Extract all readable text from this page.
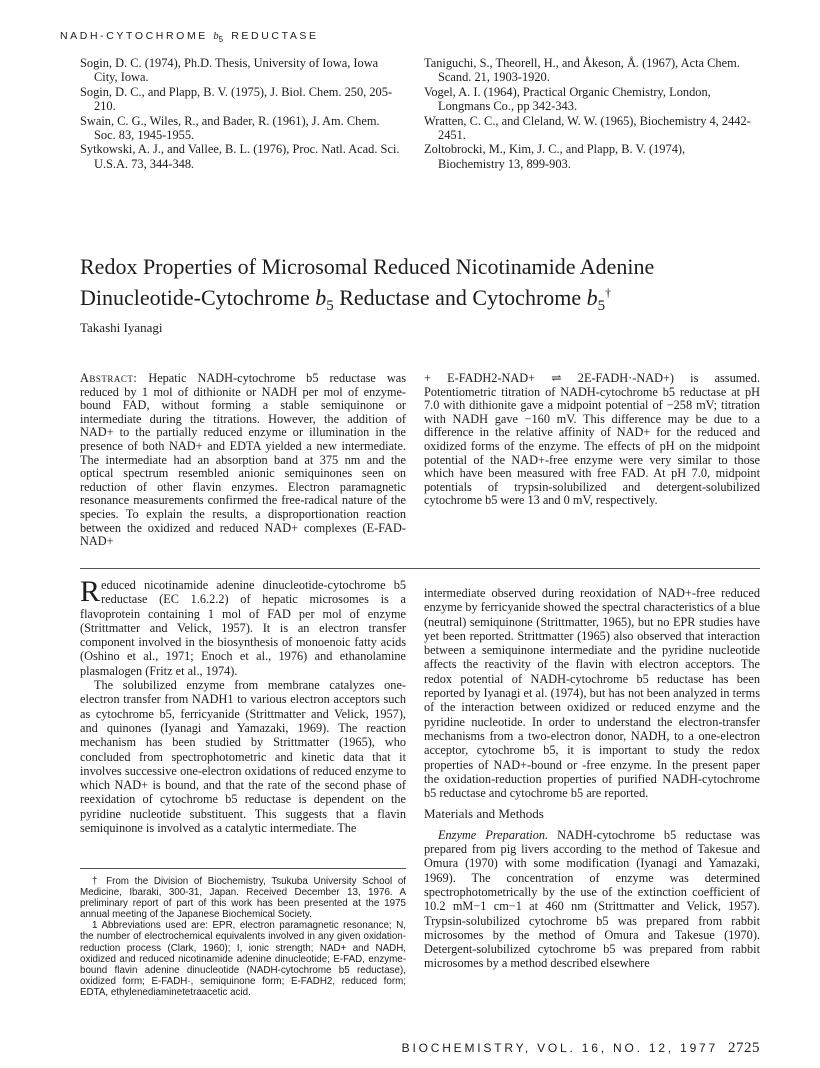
NADH-CYTOCHROME $b_5$ REDUCTASE

Sogin, D. C. (1974), Ph.D. Thesis, University of Iowa, Iowa City, Iowa.

Sogin, D. C., and Plapp, B. V. (1975), J. Biol. Chem. 250, 205-210.

Swain, C. G., Wiles, R., and Bader, R. (1961), J. Am. Chem. Soc. 83, 1945-1955.

Sytkowski, A. J., and Vallee, B. L. (1976), Proc. Natl. Acad. Sci. U.S.A. 73, 344-348.

Taniguchi, S., Theorell, H., and Åkeson, Å. (1967), Acta Chem. Scand. 21, 1903-1920.

Vogel, A. I. (1964), Practical Organic Chemistry, London, Longmans Co., pp 342-343.

Wratten, C. C., and Cleland, W. W. (1965), Biochemistry 4, 2442-2451.

Zoltobrocki, M., Kim, J. C., and Plapp, B. V. (1974), Biochemistry 13, 899-903.

Redox Properties of Microsomal Reduced Nicotinamide Adenine
Dinucleotide-Cytochrome $b_5$ Reductase and Cytochrome $b_5^\dagger$
Takashi Iyanagi

Abstract: Hepatic NADH-cytochrome b5 reductase was reduced by 1 mol of dithionite or NADH per mol of enzyme-bound FAD, without forming a stable semiquinone or intermediate during the titrations. However, the addition of NAD+ to the partially reduced enzyme or illumination in the presence of both NAD+ and EDTA yielded a new intermediate. The intermediate had an absorption band at 375 nm and the optical spectrum resembled anionic semiquinones seen on reduction of other flavin enzymes. Electron paramagnetic resonance measurements confirmed the free-radical nature of the species. To explain the results, a disproportionation reaction between the oxidized and reduced NAD+ complexes (E-FAD-NAD+

+ E-FADH2-NAD+ ⇌ 2E-FADH·-NAD+) is assumed. Potentiometric titration of NADH-cytochrome b5 reductase at pH 7.0 with dithionite gave a midpoint potential of −258 mV; titration with NADH gave −160 mV. This difference may be due to a difference in the relative affinity of NAD+ for the reduced and oxidized forms of the enzyme. The effects of pH on the midpoint potential of the NAD+-free enzyme were very similar to those which have been measured with free FAD. At pH 7.0, midpoint potentials of trypsin-solubilized and detergent-solubilized cytochrome b5 were 13 and 0 mV, respectively.

Reduced nicotinamide adenine dinucleotide-cytochrome b5 reductase (EC 1.6.2.2) of hepatic microsomes is a flavoprotein containing 1 mol of FAD per mol of enzyme (Strittmatter and Velick, 1957). It is an electron transfer component involved in the biosynthesis of monoenoic fatty acids (Oshino et al., 1971; Enoch et al., 1976) and ethanolamine plasmalogen (Fritz et al., 1974).

The solubilized enzyme from membrane catalyzes one-electron transfer from NADH1 to various electron acceptors such as cytochrome b5, ferricyanide (Strittmatter and Velick, 1957), and quinones (Iyanagi and Yamazaki, 1969). The reaction mechanism has been studied by Strittmatter (1965), who concluded from spectrophotometric and kinetic data that it involves successive one-electron oxidations of reduced enzyme to which NAD+ is bound, and that the rate of the second phase of reexidation of cytochrome b5 reductase is dependent on the pyridine nucleotide substituent. This suggests that a flavin semiquinone is involved as a catalytic intermediate. The

† From the Division of Biochemistry, Tsukuba University School of Medicine, Ibaraki, 300-31, Japan. Received December 13, 1976. A preliminary report of part of this work has been presented at the 1975 annual meeting of the Japanese Biochemical Society.

1 Abbreviations used are: EPR, electron paramagnetic resonance; N, the number of electrochemical equivalents involved in any given oxidation-reduction process (Clark, 1960); I, ionic strength; NAD+ and NADH, oxidized and reduced nicotinamide adenine dinucleotide; E-FAD, enzyme-bound flavin adenine dinucleotide (NADH-cytochrome b5 reductase), oxidized form; E-FADH·, semiquinone form; E-FADH2, reduced form; EDTA, ethylenediaminetetraacetic acid.

intermediate observed during reoxidation of NAD+-free reduced enzyme by ferricyanide showed the spectral characteristics of a blue (neutral) semiquinone (Strittmatter, 1965), but no EPR studies have yet been reported. Strittmatter (1965) also observed that interaction between a semiquinone intermediate and the pyridine nucleotide affects the reactivity of the flavin with electron acceptors. The redox potential of NADH-cytochrome b5 reductase has been reported by Iyanagi et al. (1974), but has not been analyzed in terms of the interaction between oxidized or reduced enzyme and the pyridine nucleotide. In order to understand the electron-transfer mechanisms from a two-electron donor, NADH, to a one-electron acceptor, cytochrome b5, it is important to study the redox properties of NAD+-bound or -free enzyme. In the present paper the oxidation-reduction properties of purified NADH-cytochrome b5 reductase and cytochrome b5 are reported.

Materials and Methods

Enzyme Preparation. NADH-cytochrome b5 reductase was prepared from pig livers according to the method of Takesue and Omura (1970) with some modification (Iyanagi and Yamazaki, 1969). The concentration of enzyme was determined spectrophotometrically by the use of the extinction coefficient of 10.2 mM−1 cm−1 at 460 nm (Strittmatter and Velick, 1957). Trypsin-solubilized cytochrome b5 was prepared from rabbit microsomes by the method of Omura and Takesue (1970). Detergent-solubilized cytochrome b5 was prepared from rabbit microsomes by a method described elsewhere

BIOCHEMISTRY, VOL. 16, NO. 12, 1977 2725
